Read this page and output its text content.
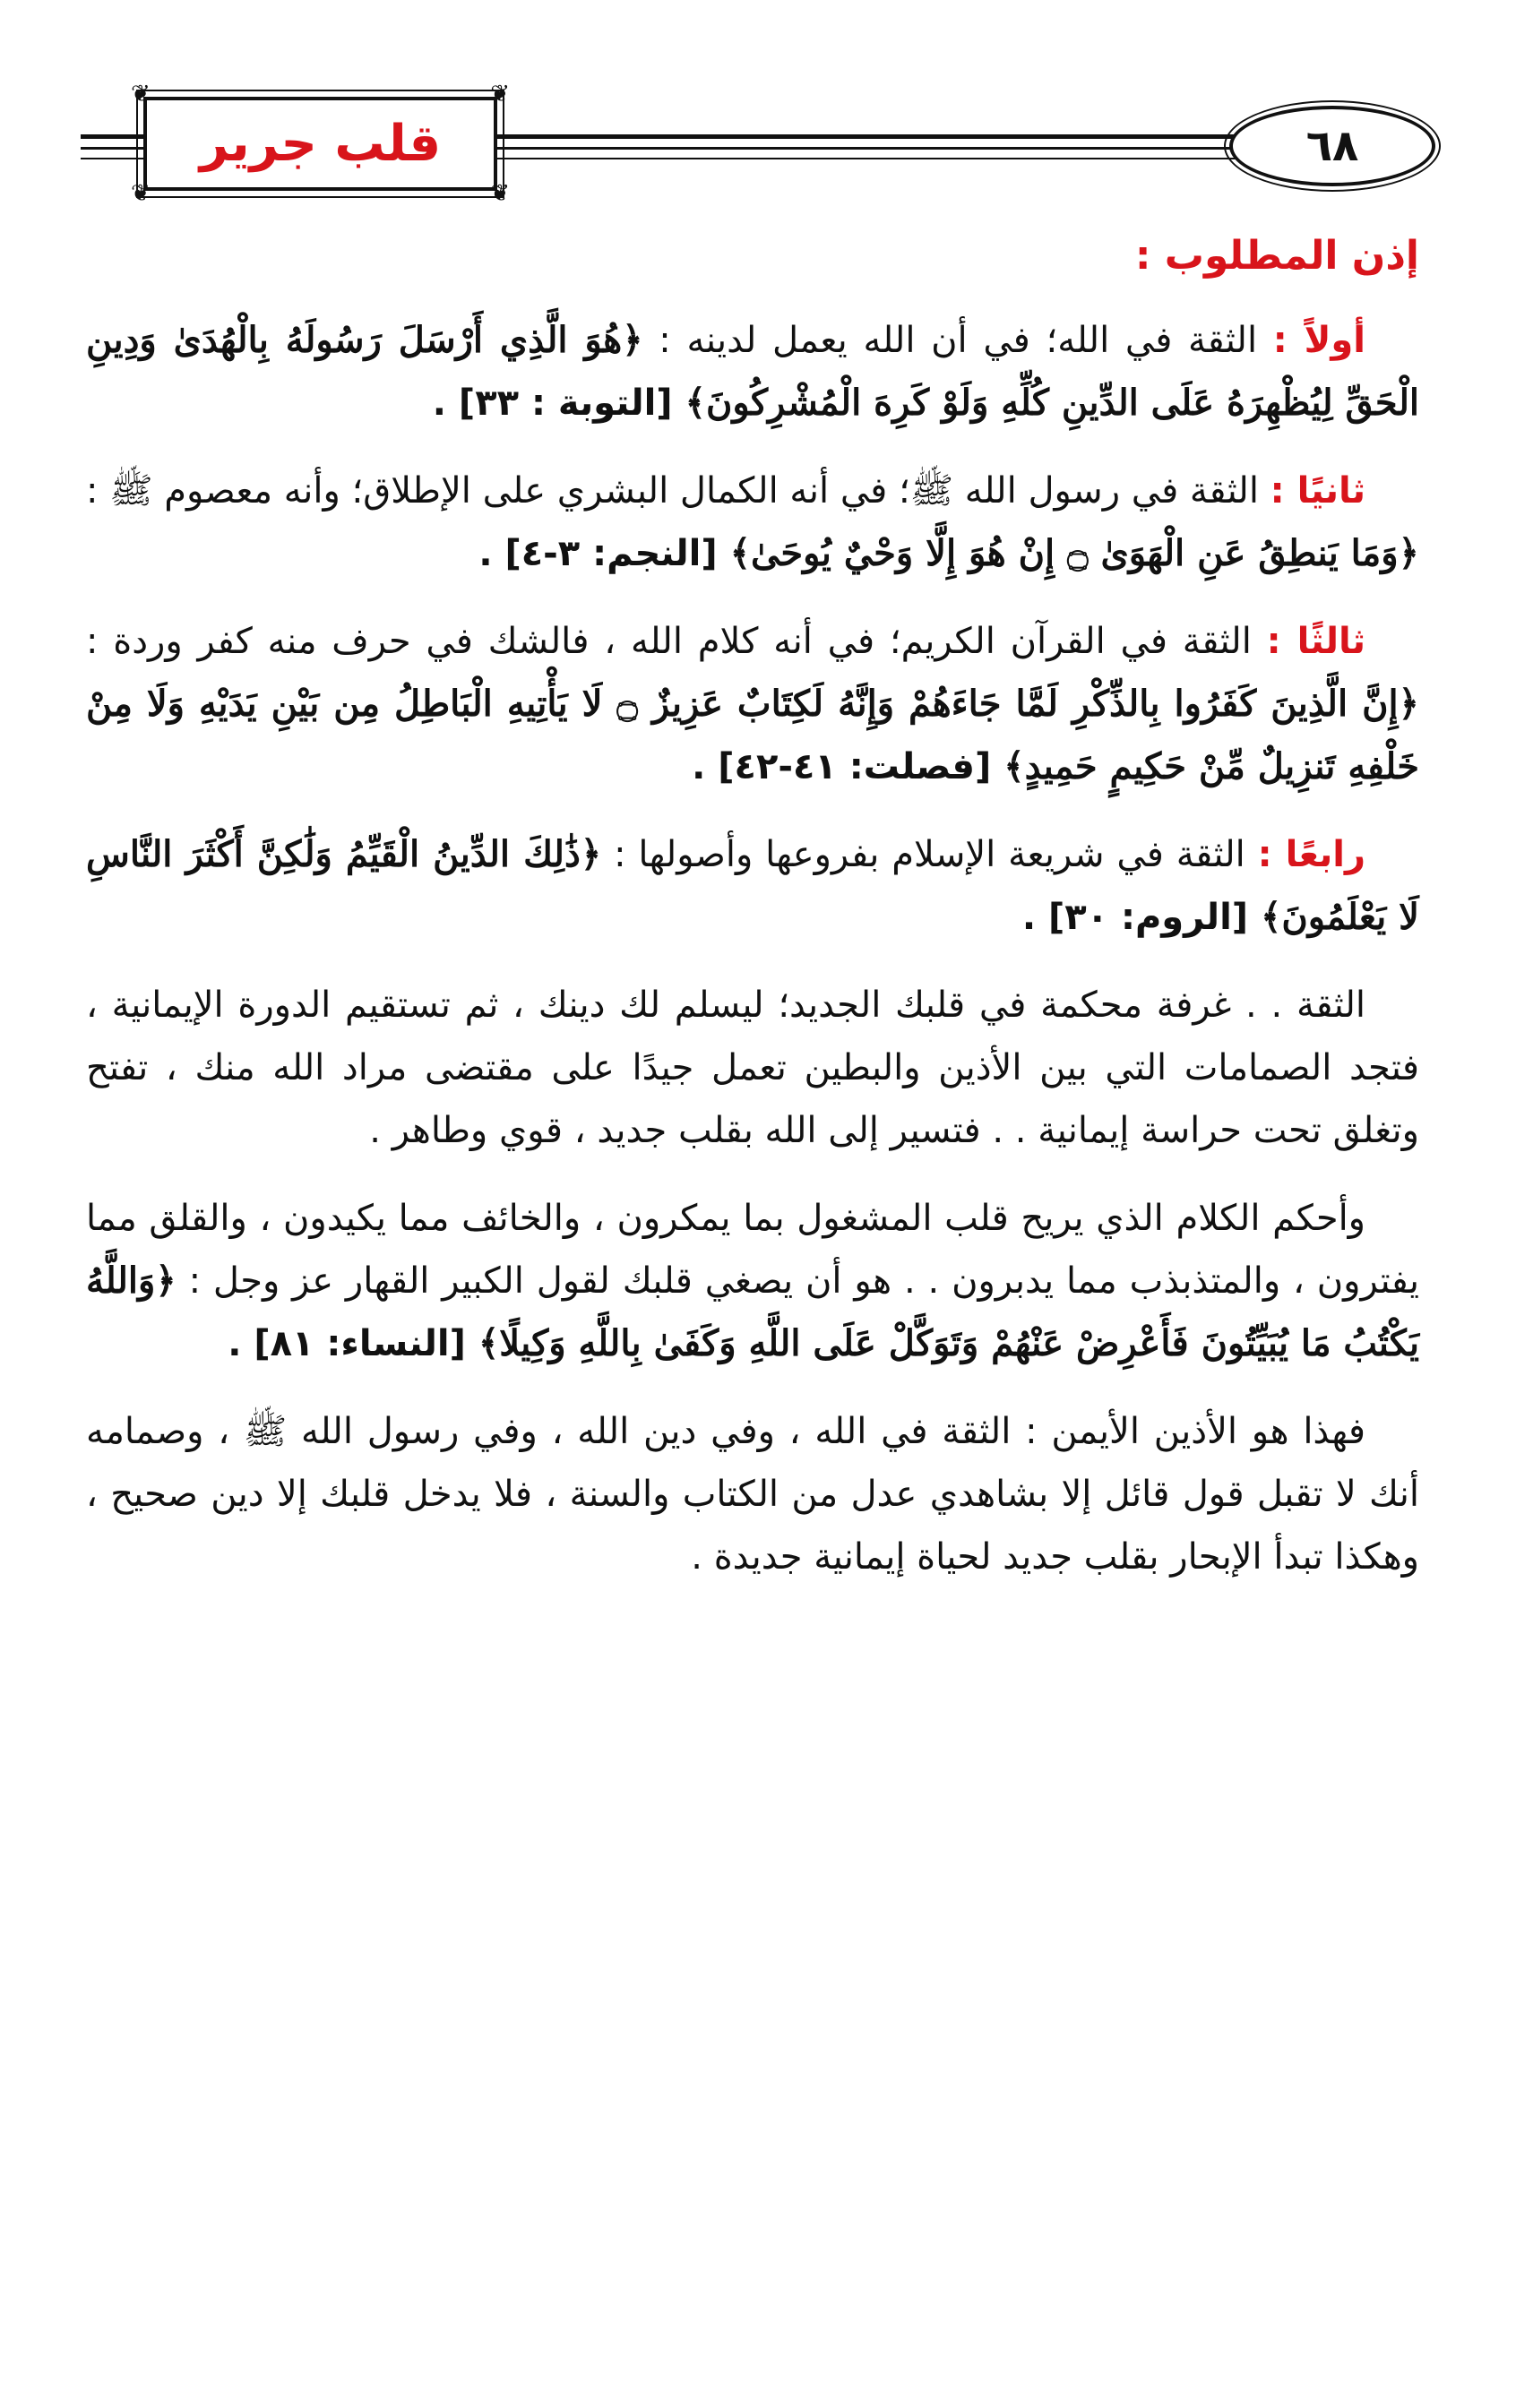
❦	❦
❦	❦
قلب جرير	٦٨
إذن المطلوب :

أولاً : الثقة في الله؛ في أن الله يعمل لدينه : ﴿هُوَ الَّذِي أَرْسَلَ رَسُولَهُ بِالْهُدَىٰ وَدِينِ الْحَقِّ لِيُظْهِرَهُ عَلَى الدِّينِ كُلِّهِ وَلَوْ كَرِهَ الْمُشْرِكُونَ﴾ [التوبة : ٣٣] .

ثانيًا : الثقة في رسول الله ﷺ؛ في أنه الكمال البشري على الإطلاق؛ وأنه معصوم ﷺ : ﴿وَمَا يَنطِقُ عَنِ الْهَوَىٰ ۝ إِنْ هُوَ إِلَّا وَحْيٌ يُوحَىٰ﴾ [النجم: ٣-٤] .

ثالثًا : الثقة في القرآن الكريم؛ في أنه كلام الله ، فالشك في حرف منه كفر وردة : ﴿إِنَّ الَّذِينَ كَفَرُوا بِالذِّكْرِ لَمَّا جَاءَهُمْ وَإِنَّهُ لَكِتَابٌ عَزِيزٌ ۝ لَا يَأْتِيهِ الْبَاطِلُ مِن بَيْنِ يَدَيْهِ وَلَا مِنْ خَلْفِهِ تَنزِيلٌ مِّنْ حَكِيمٍ حَمِيدٍ﴾ [فصلت: ٤١-٤٢] .

رابعًا : الثقة في شريعة الإسلام بفروعها وأصولها : ﴿ذَٰلِكَ الدِّينُ الْقَيِّمُ وَلَٰكِنَّ أَكْثَرَ النَّاسِ لَا يَعْلَمُونَ﴾ [الروم: ٣٠] .

الثقة . . غرفة محكمة في قلبك الجديد؛ ليسلم لك دينك ، ثم تستقيم الدورة الإيمانية ، فتجد الصمامات التي بين الأذين والبطين تعمل جيدًا على مقتضى مراد الله منك ، تفتح وتغلق تحت حراسة إيمانية . . فتسير إلى الله بقلب جديد ، قوي وطاهر .

وأحكم الكلام الذي يريح قلب المشغول بما يمكرون ، والخائف مما يكيدون ، والقلق مما يفترون ، والمتذبذب مما يدبرون . . هو أن يصغي قلبك لقول الكبير القهار عز وجل : ﴿وَاللَّهُ يَكْتُبُ مَا يُبَيِّتُونَ فَأَعْرِضْ عَنْهُمْ وَتَوَكَّلْ عَلَى اللَّهِ وَكَفَىٰ بِاللَّهِ وَكِيلًا﴾ [النساء: ٨١] .

فهذا هو الأذين الأيمن : الثقة في الله ، وفي دين الله ، وفي رسول الله ﷺ ، وصمامه أنك لا تقبل قول قائل إلا بشاهدي عدل من الكتاب والسنة ، فلا يدخل قلبك إلا دين صحيح ، وهكذا تبدأ الإبحار بقلب جديد لحياة إيمانية جديدة .
